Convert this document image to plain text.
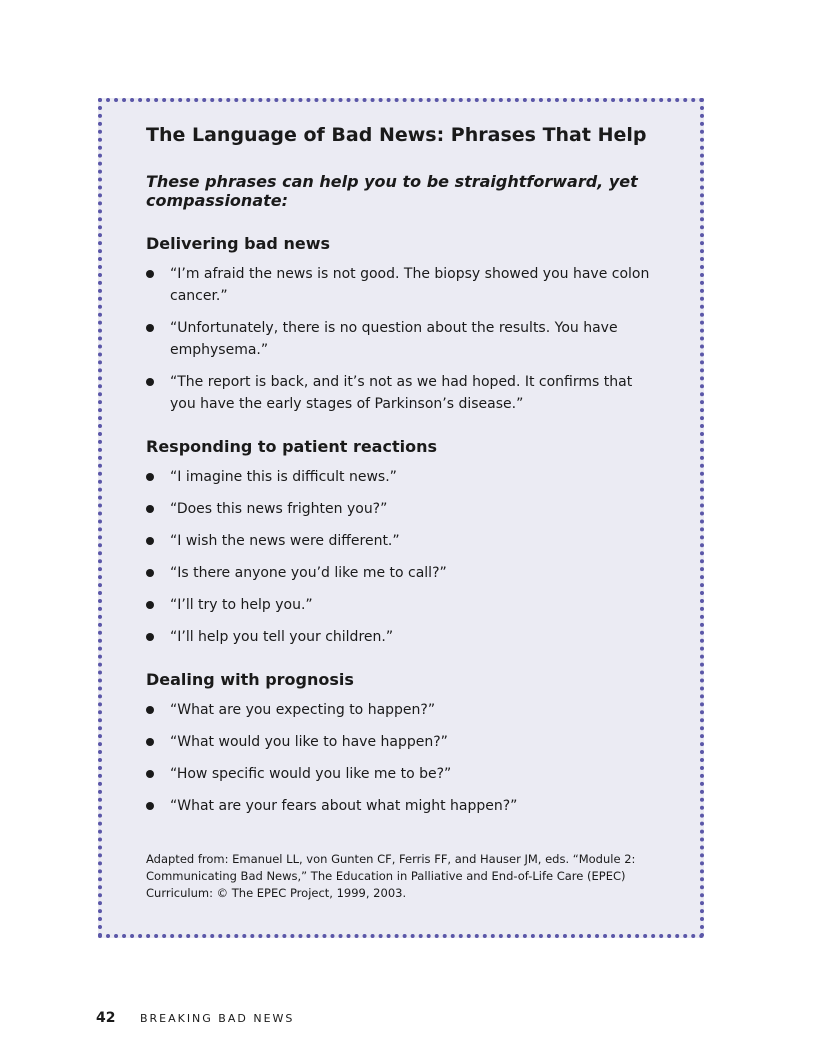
The Language of Bad News: Phrases That Help

These phrases can help you to be straightforward, yet compassionate:

Delivering bad news
“I’m afraid the news is not good. The biopsy showed you have colon cancer.”
“Unfortunately, there is no question about the results. You have emphysema.”
“The report is back, and it’s not as we had hoped. It confirms that you have the early stages of Parkinson’s disease.”
Responding to patient reactions
“I imagine this is difficult news.”
“Does this news frighten you?”
“I wish the news were different.”
“Is there anyone you’d like me to call?”
“I’ll try to help you.”
“I’ll help you tell your children.”
Dealing with prognosis
“What are you expecting to happen?”
“What would you like to have happen?”
“How specific would you like me to be?”
“What are your fears about what might happen?”

Adapted from: Emanuel LL, von Gunten CF, Ferris FF, and Hauser JM, eds. “Module 2: Communicating Bad News,” The Education in Palliative and End-of-Life Care (EPEC) Curriculum: © The EPEC Project, 1999, 2003.

42 BREAKING BAD NEWS
